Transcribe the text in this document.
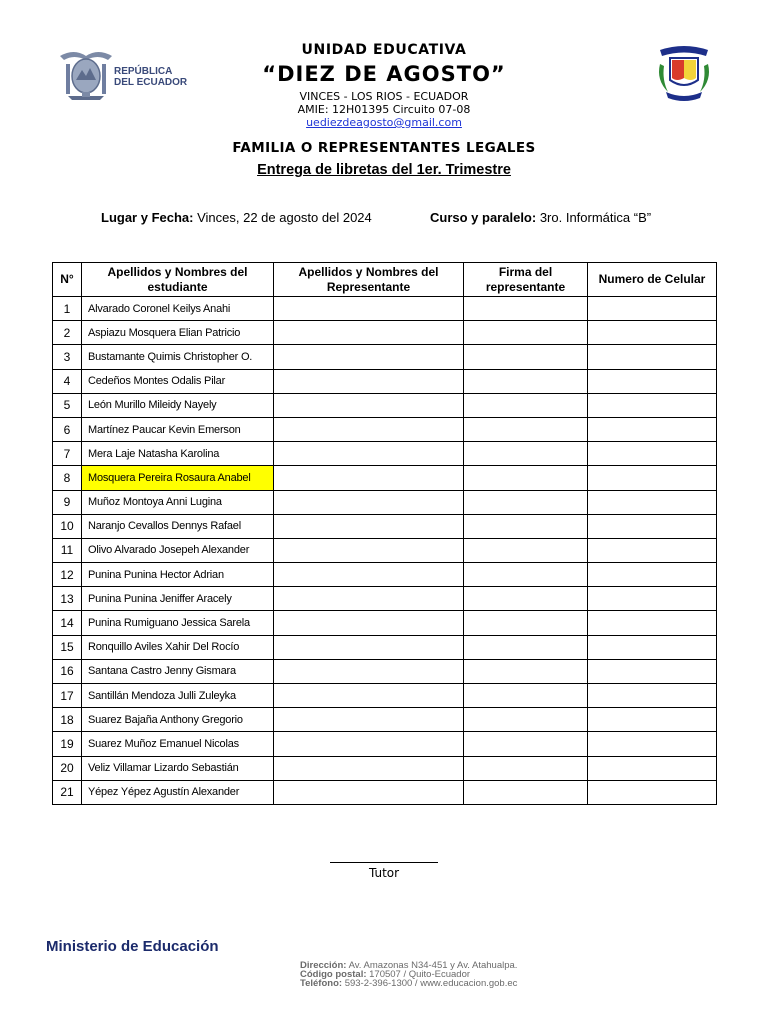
REPÚBLICA
DEL ECUADOR
UNIDAD EDUCATIVA
“DIEZ DE AGOSTO”
VINCES - LOS RIOS - ECUADOR
AMIE: 12H01395 Circuito 07-08
uediezdeagosto@gmail.com
FAMILIA O REPRESENTANTES LEGALES
Entrega de libretas del 1er. Trimestre
Lugar y Fecha: Vinces, 22 de agosto del 2024	Curso y paralelo: 3ro. Informática “B”
N°	Apellidos y Nombres del estudiante	Apellidos y Nombres del Representante	Firma del representante	Numero de Celular
1	Alvarado Coronel Keilys Anahi			
2	Aspiazu Mosquera Elian Patricio			
3	Bustamante Quimis Christopher O.			
4	Cedeños Montes Odalis Pilar			
5	León Murillo Mileidy Nayely			
6	Martínez Paucar Kevin Emerson			
7	Mera Laje Natasha Karolina			
8	Mosquera Pereira Rosaura Anabel			
9	Muñoz Montoya Anni Lugina			
10	Naranjo Cevallos Dennys Rafael			
11	Olivo Alvarado Josepeh Alexander			
12	Punina Punina Hector Adrian			
13	Punina Punina Jeniffer Aracely			
14	Punina Rumiguano Jessica Sarela			
15	Ronquillo Aviles Xahir Del Rocío			
16	Santana Castro Jenny Gismara			
17	Santillán Mendoza Julli Zuleyka			
18	Suarez Bajaña Anthony Gregorio			
19	Suarez Muñoz Emanuel Nicolas			
20	Veliz Villamar Lizardo Sebastián			
21	Yépez Yépez Agustín Alexander			
Tutor
Ministerio de Educación
Dirección: Av. Amazonas N34-451 y Av. Atahualpa.
Código postal: 170507 / Quito-Ecuador
Teléfono: 593-2-396-1300 / www.educacion.gob.ec
